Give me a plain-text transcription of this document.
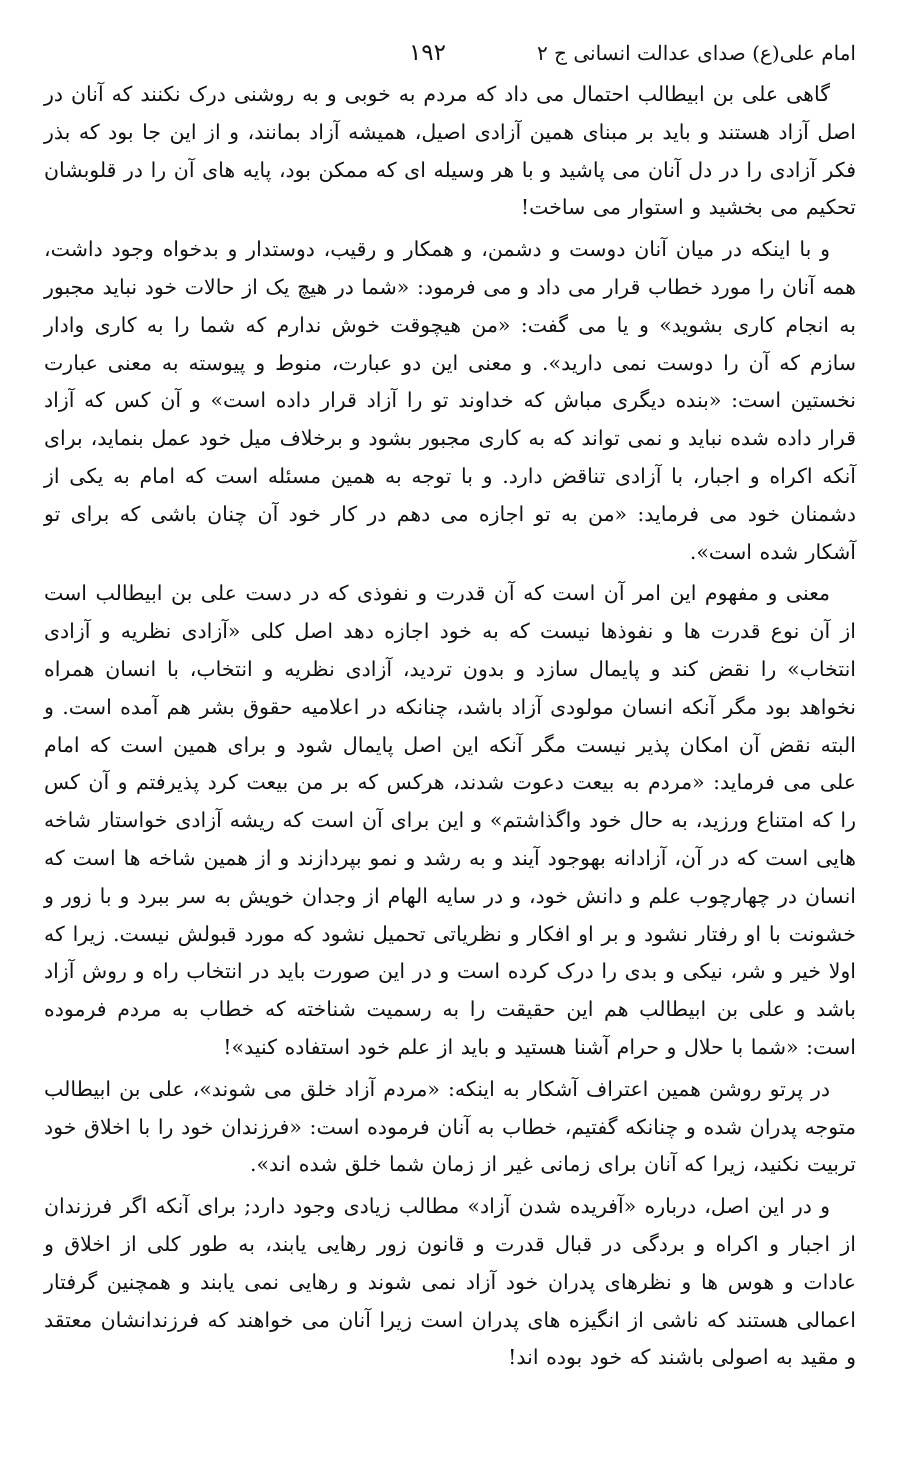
امام علی(ع) صدای عدالت انسانی ج ۲
۱۹۲

گاهی علی بن ابیطالب احتمال می داد که مردم به خوبی و به روشنی درک نکنند که آنان در اصل آزاد هستند و باید بر مبنای همین آزادی اصیل، همیشه آزاد بمانند، و از این جا بود که بذر فکر آزادی را در دل آنان می پاشید و با هر وسیله ای که ممکن بود، پایه های آن را در قلوبشان تحکیم می بخشید و استوار می ساخت!

و با اینکه در میان آنان دوست و دشمن، و همکار و رقیب، دوستدار و بدخواه وجود داشت، همه آنان را مورد خطاب قرار می داد و می فرمود: «شما در هیچ یک از حالات خود نباید مجبور به انجام کاری بشوید» و یا می گفت: «من هیچوقت خوش ندارم که شما را به کاری وادار سازم که آن را دوست نمی دارید». و معنی این دو عبارت، منوط و پیوسته به معنی عبارت نخستین است: «بنده دیگری مباش که خداوند تو را آزاد قرار داده است» و آن کس که آزاد قرار داده شده نباید و نمی تواند که به کاری مجبور بشود و برخلاف میل خود عمل بنماید، برای آنکه اکراه و اجبار، با آزادی تناقض دارد. و با توجه به همین مسئله است که امام به یکی از دشمنان خود می فرماید: «من به تو اجازه می دهم در کار خود آن چنان باشی که برای تو آشکار شده است».

معنی و مفهوم این امر آن است که آن قدرت و نفوذی که در دست علی بن ابیطالب است از آن نوع قدرت ها و نفوذها نیست که به خود اجازه دهد اصل کلی «آزادی نظریه و آزادی انتخاب» را نقض کند و پایمال سازد و بدون تردید، آزادی نظریه و انتخاب، با انسان همراه نخواهد بود مگر آنکه انسان مولودی آزاد باشد، چنانکه در اعلامیه حقوق بشر هم آمده است. و البته نقض آن امکان پذیر نیست مگر آنکه این اصل پایمال شود و برای همین است که امام علی می فرماید: «مردم به بیعت دعوت شدند، هرکس که بر من بیعت کرد پذیرفتم و آن کس را که امتناع ورزید، به حال خود واگذاشتم» و این برای آن است که ریشه آزادی خواستار شاخه هایی است که در آن، آزادانه بهوجود آیند و به رشد و نمو بپردازند و از همین شاخه ها است که انسان در چهارچوب علم و دانش خود، و در سایه الهام از وجدان خویش به سر ببرد و با زور و خشونت با او رفتار نشود و بر او افکار و نظریاتی تحمیل نشود که مورد قبولش نیست. زیرا که اولا خیر و شر، نیکی و بدی را درک کرده است و در این صورت باید در انتخاب راه و روش آزاد باشد و علی بن ابیطالب هم این حقیقت را به رسمیت شناخته که خطاب به مردم فرموده است: «شما با حلال و حرام آشنا هستید و باید از علم خود استفاده کنید»!

در پرتو روشن همین اعتراف آشکار به اینکه: «مردم آزاد خلق می شوند»، علی بن ابیطالب متوجه پدران شده و چنانکه گفتیم، خطاب به آنان فرموده است: «فرزندان خود را با اخلاق خود تربیت نکنید، زیرا که آنان برای زمانی غیر از زمان شما خلق شده اند».

و در این اصل، درباره «آفریده شدن آزاد» مطالب زیادی وجود دارد; برای آنکه اگر فرزندان از اجبار و اکراه و بردگی در قبال قدرت و قانون زور رهایی یابند، به طور کلی از اخلاق و عادات و هوس ها و نظرهای پدران خود آزاد نمی شوند و رهایی نمی یابند و همچنین گرفتار اعمالی هستند که ناشی از انگیزه های پدران است زیرا آنان می خواهند که فرزندانشان معتقد و مقید به اصولی باشند که خود بوده اند!
